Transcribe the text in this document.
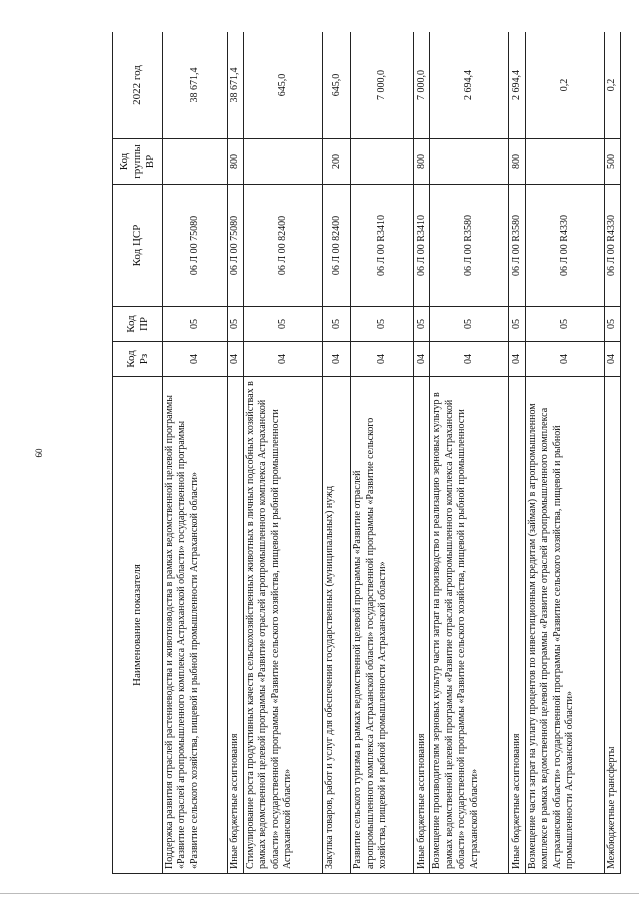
60
Наименование показателя	Код Рз	Код ПР	Код ЦСР	Код группы ВР	2022 год
Поддержка развития отраслей растениеводства и животноводства в рамках ведомственной целевой программы «Развитие отраслей агропромышленного комплекса Астраханской области» государственной программы «Развитие сельского хозяйства, пищевой и рыбной промышленности Астраханской области»	04	05	06 Л 00 75080		38 671,4
Иные бюджетные ассигнования	04	05	06 Л 00 75080	800	38 671,4
Стимулирование роста продуктивных качеств сельскохозяйственных животных в личных подсобных хозяйствах в рамках ведомственной целевой программы «Развитие отраслей агропромышленного комплекса Астраханской области» государственной программы «Развитие сельского хозяйства, пищевой и рыбной промышленности Астраханской области»	04	05	06 Л 00 82400		645,0
Закупка товаров, работ и услуг для обеспечения государственных (муниципальных) нужд	04	05	06 Л 00 82400	200	645,0
Развитие сельского туризма в рамках ведомственной целевой программы «Развитие отраслей агропромышленного комплекса Астраханской области» государственной программы «Развитие сельского хозяйства, пищевой и рыбной промышленности Астраханской области»	04	05	06 Л 00 R3410		7 000,0
Иные бюджетные ассигнования	04	05	06 Л 00 R3410	800	7 000,0
Возмещение производителям зерновых культур части затрат на производство и реализацию зерновых культур в рамках ведомственной целевой программы «Развитие отраслей агропромышленного комплекса Астраханской области» государственной программы «Развитие сельского хозяйства, пищевой и рыбной промышленности Астраханской области»	04	05	06 Л 00 R3580		2 694,4
Иные бюджетные ассигнования	04	05	06 Л 00 R3580	800	2 694,4
Возмещение части затрат на уплату процентов по инвестиционным кредитам (займам) в агропромышленном комплексе в рамках ведомственной целевой программы «Развитие отраслей агропромышленного комплекса Астраханской области» государственной программы «Развитие сельского хозяйства, пищевой и рыбной промышленности Астраханской области»	04	05	06 Л 00 R4330		0,2
Межбюджетные трансферты	04	05	06 Л 00 R4330	500	0,2
